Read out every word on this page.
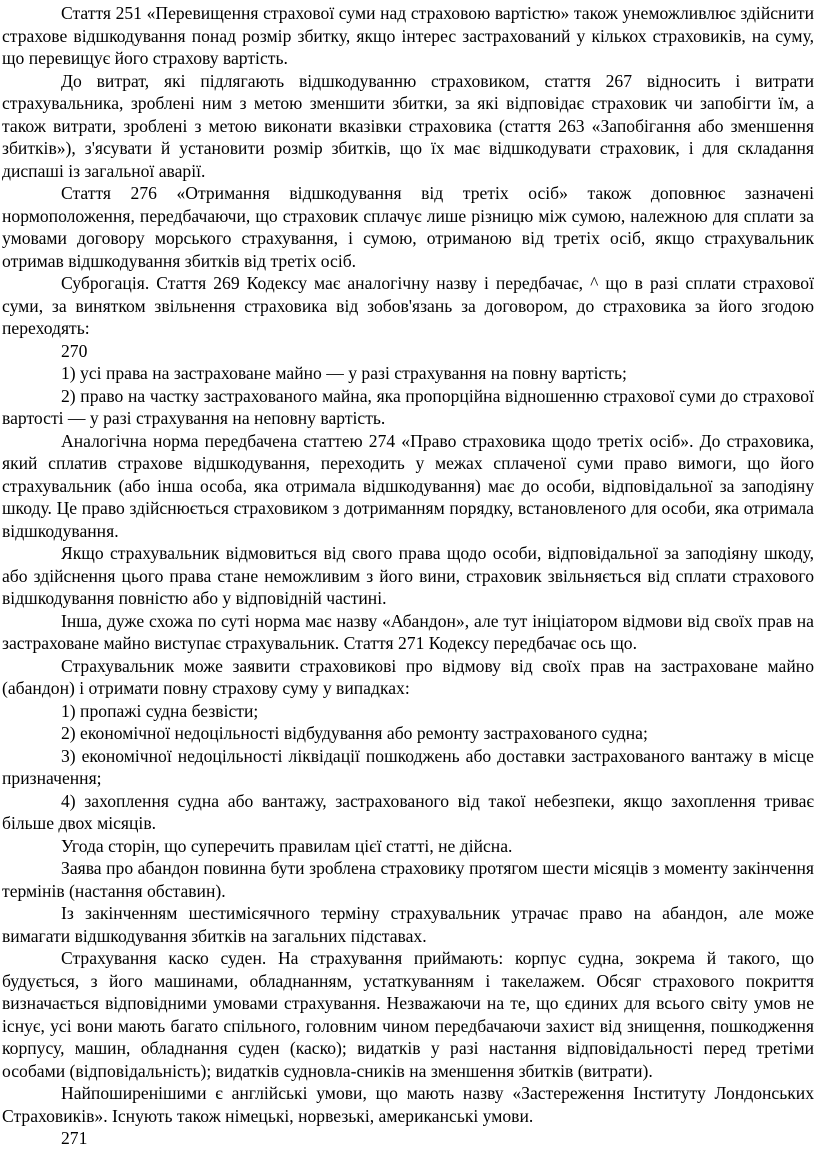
Стаття 251 «Перевищення страхової суми над страховою вартістю» також унеможливлює здійснити страхове відшкодування понад розмір збитку, якщо інтерес застрахований у кількох страховиків, на суму, що перевищує його страхову вартість.

До витрат, які підлягають відшкодуванню страховиком, стаття 267 відносить і витрати страхувальника, зроблені ним з метою зменшити збитки, за які відповідає страховик чи запобігти їм, а також витрати, зроблені з метою виконати вказівки страховика (стаття 263 «Запобігання або зменшення збитків»), з'ясувати й установити розмір збитків, що їх має відшкодувати страховик, і для складання диспаші із загальної аварії.

Стаття 276 «Отримання відшкодування від третіх осіб» також доповнює зазначені нормоположення, передбачаючи, що страховик сплачує лише різницю між сумою, належною для сплати за умовами договору морського страхування, і сумою, отриманою від третіх осіб, якщо страхувальник отримав відшкодування збитків від третіх осіб.

Суброгація. Стаття 269 Кодексу має аналогічну назву і передбачає, ^ що в разі сплати страхової суми, за винятком звільнення страховика від зобов'язань за договором, до страховика за його згодою переходять:

270

1) усі права на застраховане майно — у разі страхування на повну вартість;

2) право на частку застрахованого майна, яка пропорційна відношенню страхової суми до страхової вартості — у разі страхування на неповну вартість.

Аналогічна норма передбачена статтею 274 «Право страховика щодо третіх осіб». До страховика, який сплатив страхове відшкодування, переходить у межах сплаченої суми право вимоги, що його страхувальник (або інша особа, яка отримала відшкодування) має до особи, відповідальної за заподіяну шкоду. Це право здійснюється страховиком з дотриманням порядку, встановленого для особи, яка отримала відшкодування.

Якщо страхувальник відмовиться від свого права щодо особи, відповідальної за заподіяну шкоду, або здійснення цього права стане неможливим з його вини, страховик звільняється від сплати страхового відшкодування повністю або у відповідній частині.

Інша, дуже схожа по суті норма має назву «Абандон», але тут ініціатором відмови від своїх прав на застраховане майно виступає страхувальник. Стаття 271 Кодексу передбачає ось що.

Страхувальник може заявити страховикові про відмову від своїх прав на застраховане майно (абандон) і отримати повну страхову суму у випадках:

1) пропажі судна безвісти;

2) економічної недоцільності відбудування або ремонту застрахованого судна;

3) економічної недоцільності ліквідації пошкоджень або доставки застрахованого вантажу в місце призначення;

4) захоплення судна або вантажу, застрахованого від такої небезпеки, якщо захоплення триває більше двох місяців.

Угода сторін, що суперечить правилам цієї статті, не дійсна.

Заява про абандон повинна бути зроблена страховику протягом шести місяців з моменту закінчення термінів (настання обставин).

Із закінченням шестимісячного терміну страхувальник утрачає право на абандон, але може вимагати відшкодування збитків на загальних підставах.

Страхування каско суден. На страхування приймають: корпус судна, зокрема й такого, що будується, з його машинами, обладнанням, устаткуванням і такелажем. Обсяг страхового покриття визначається відповідними умовами страхування. Незважаючи на те, що єдиних для всього світу умов не існує, усі вони мають багато спільного, головним чином передбачаючи захист від знищення, пошкодження корпусу, машин, обладнання суден (каско); видатків у разі настання відповідальності перед третіми особами (відповідальність); видатків судновла-сників на зменшення збитків (витрати).

Найпоширенішими є англійські умови, що мають назву «Застереження Інституту Лондонських Страховиків». Існують також німецькі, норвезькі, американські умови.

271
